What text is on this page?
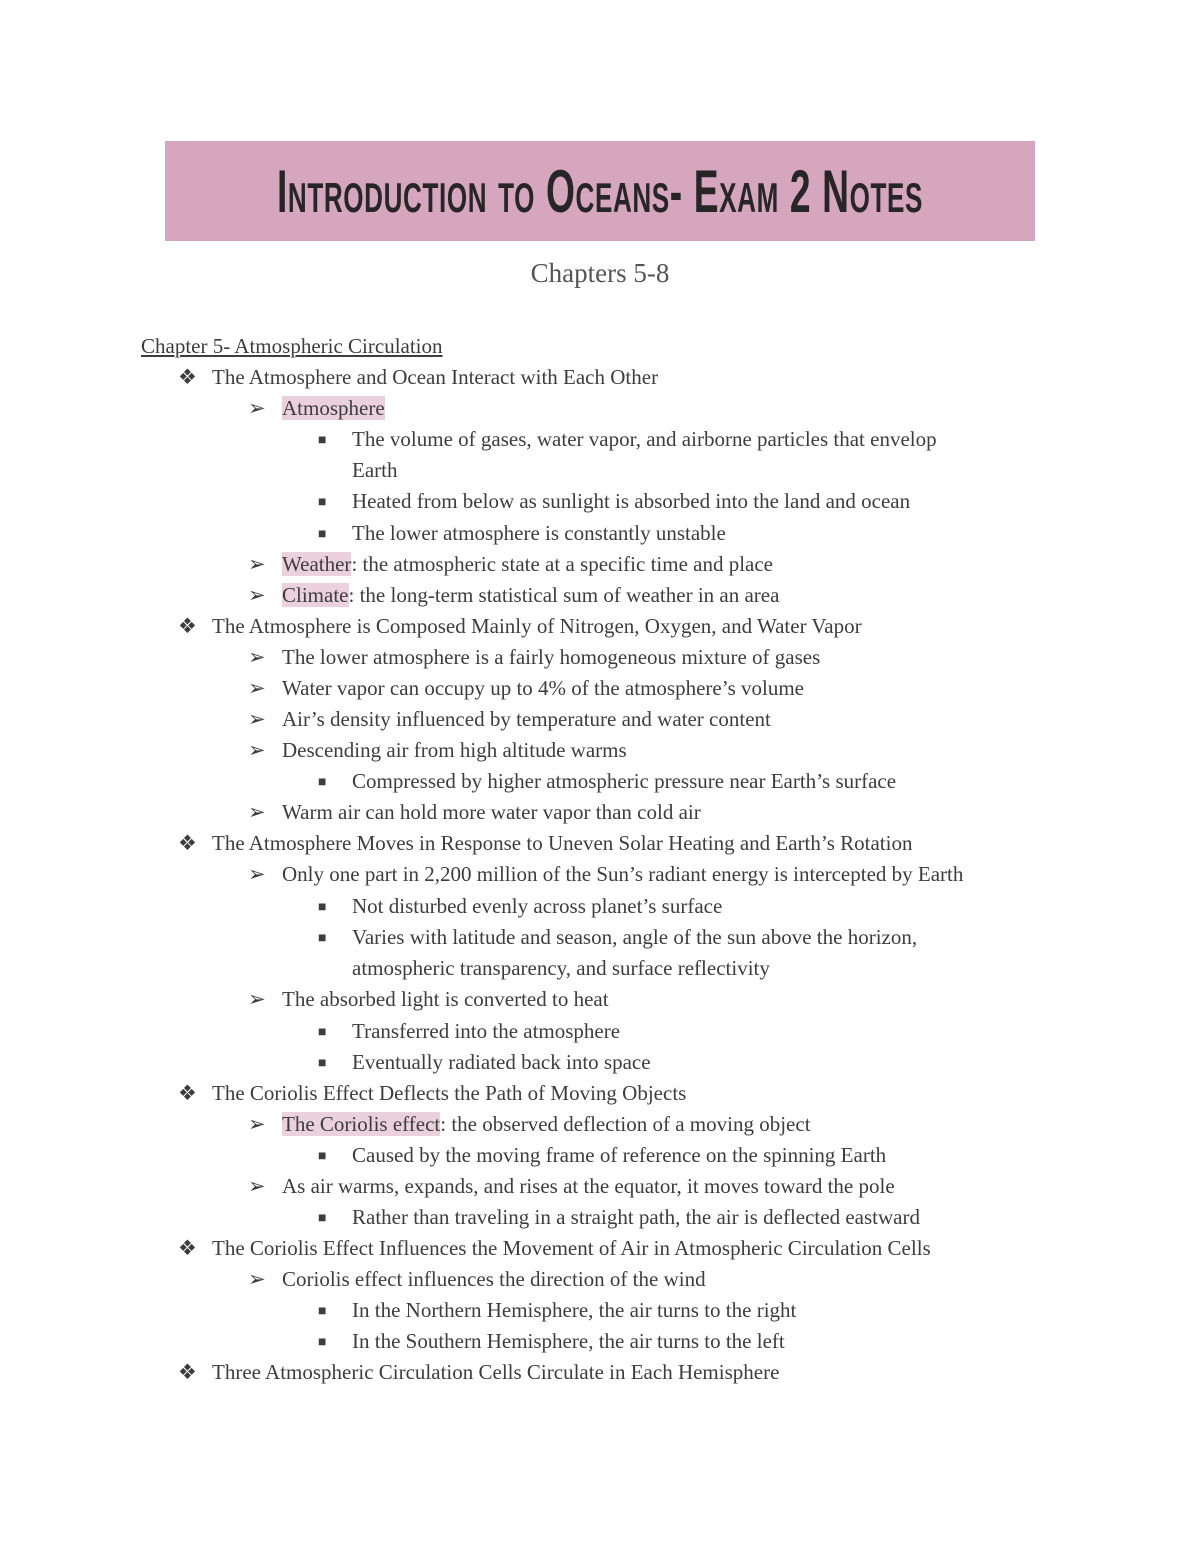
Introduction to Oceans- Exam 2 Notes
Chapters 5-8
Chapter 5- Atmospheric Circulation
❖ The Atmosphere and Ocean Interact with Each Other
➢ Atmosphere
■ The volume of gases, water vapor, and airborne particles that envelop
Earth
■ Heated from below as sunlight is absorbed into the land and ocean
■ The lower atmosphere is constantly unstable
➢ Weather: the atmospheric state at a specific time and place
➢ Climate: the long-term statistical sum of weather in an area
❖ The Atmosphere is Composed Mainly of Nitrogen, Oxygen, and Water Vapor
➢ The lower atmosphere is a fairly homogeneous mixture of gases
➢ Water vapor can occupy up to 4% of the atmosphere’s volume
➢ Air’s density influenced by temperature and water content
➢ Descending air from high altitude warms
■ Compressed by higher atmospheric pressure near Earth’s surface
➢ Warm air can hold more water vapor than cold air
❖ The Atmosphere Moves in Response to Uneven Solar Heating and Earth’s Rotation
➢ Only one part in 2,200 million of the Sun’s radiant energy is intercepted by Earth
■ Not disturbed evenly across planet’s surface
■ Varies with latitude and season, angle of the sun above the horizon,
atmospheric transparency, and surface reflectivity
➢ The absorbed light is converted to heat
■ Transferred into the atmosphere
■ Eventually radiated back into space
❖ The Coriolis Effect Deflects the Path of Moving Objects
➢ The Coriolis effect: the observed deflection of a moving object
■ Caused by the moving frame of reference on the spinning Earth
➢ As air warms, expands, and rises at the equator, it moves toward the pole
■ Rather than traveling in a straight path, the air is deflected eastward
❖ The Coriolis Effect Influences the Movement of Air in Atmospheric Circulation Cells
➢ Coriolis effect influences the direction of the wind
■ In the Northern Hemisphere, the air turns to the right
■ In the Southern Hemisphere, the air turns to the left
❖ Three Atmospheric Circulation Cells Circulate in Each Hemisphere
